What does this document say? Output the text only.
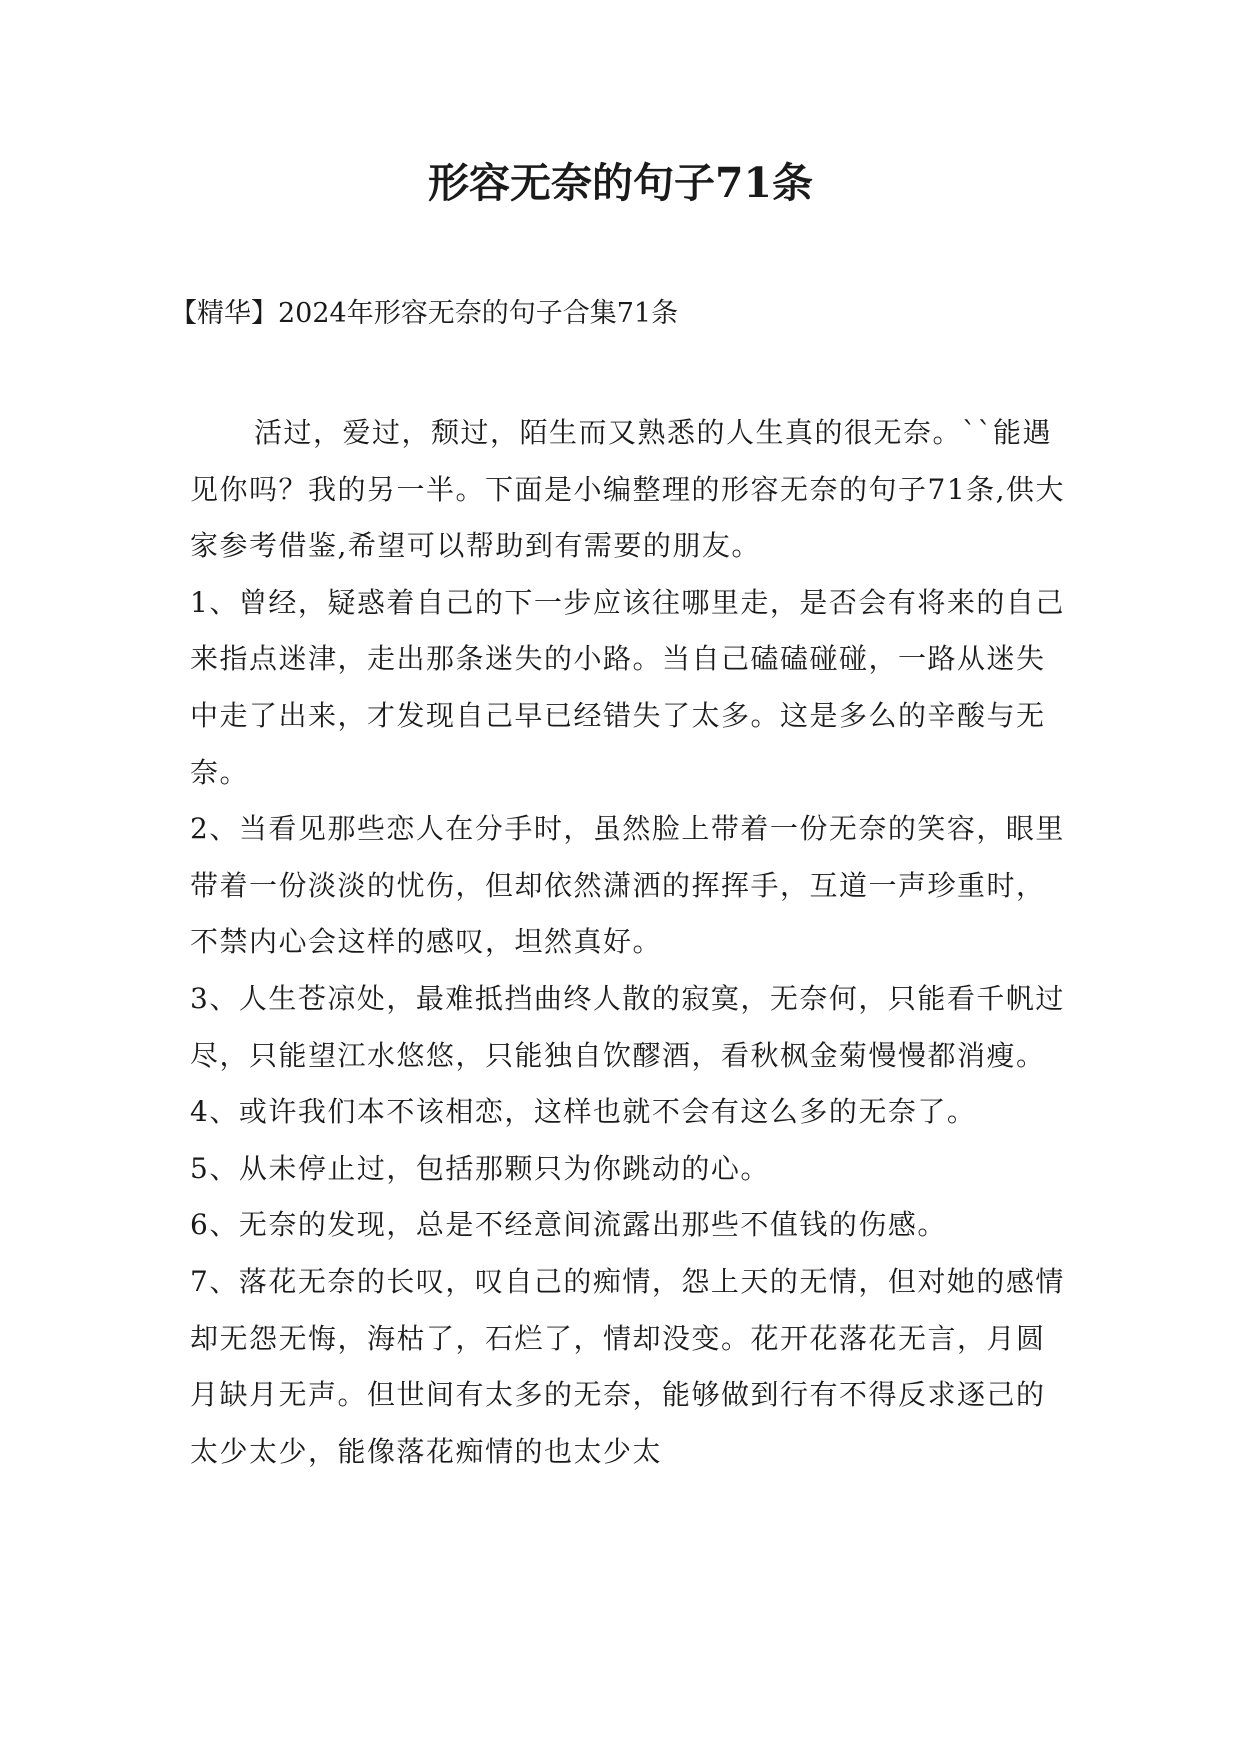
形容无奈的句子71条

【精华】2024年形容无奈的句子合集71条

活过，爱过，颓过，陌生而又熟悉的人生真的很无奈。``能遇见你吗？我的另一半。下面是小编整理的形容无奈的句子71条,供大家参考借鉴,希望可以帮助到有需要的朋友。

1、曾经，疑惑着自己的下一步应该往哪里走，是否会有将来的自己来指点迷津，走出那条迷失的小路。当自己磕磕碰碰，一路从迷失中走了出来，才发现自己早已经错失了太多。这是多么的辛酸与无奈。

2、当看见那些恋人在分手时，虽然脸上带着一份无奈的笑容，眼里带着一份淡淡的忧伤，但却依然潇洒的挥挥手，互道一声珍重时，不禁内心会这样的感叹，坦然真好。

3、人生苍凉处，最难抵挡曲终人散的寂寞，无奈何，只能看千帆过尽，只能望江水悠悠，只能独自饮醪酒，看秋枫金菊慢慢都消瘦。

4、或许我们本不该相恋，这样也就不会有这么多的无奈了。

5、从未停止过，包括那颗只为你跳动的心。

6、无奈的发现，总是不经意间流露出那些不值钱的伤感。

7、落花无奈的长叹，叹自己的痴情，怨上天的无情，但对她的感情却无怨无悔，海枯了，石烂了，情却没变。花开花落花无言，月圆月缺月无声。但世间有太多的无奈，能够做到行有不得反求逐己的太少太少，能像落花痴情的也太少太
